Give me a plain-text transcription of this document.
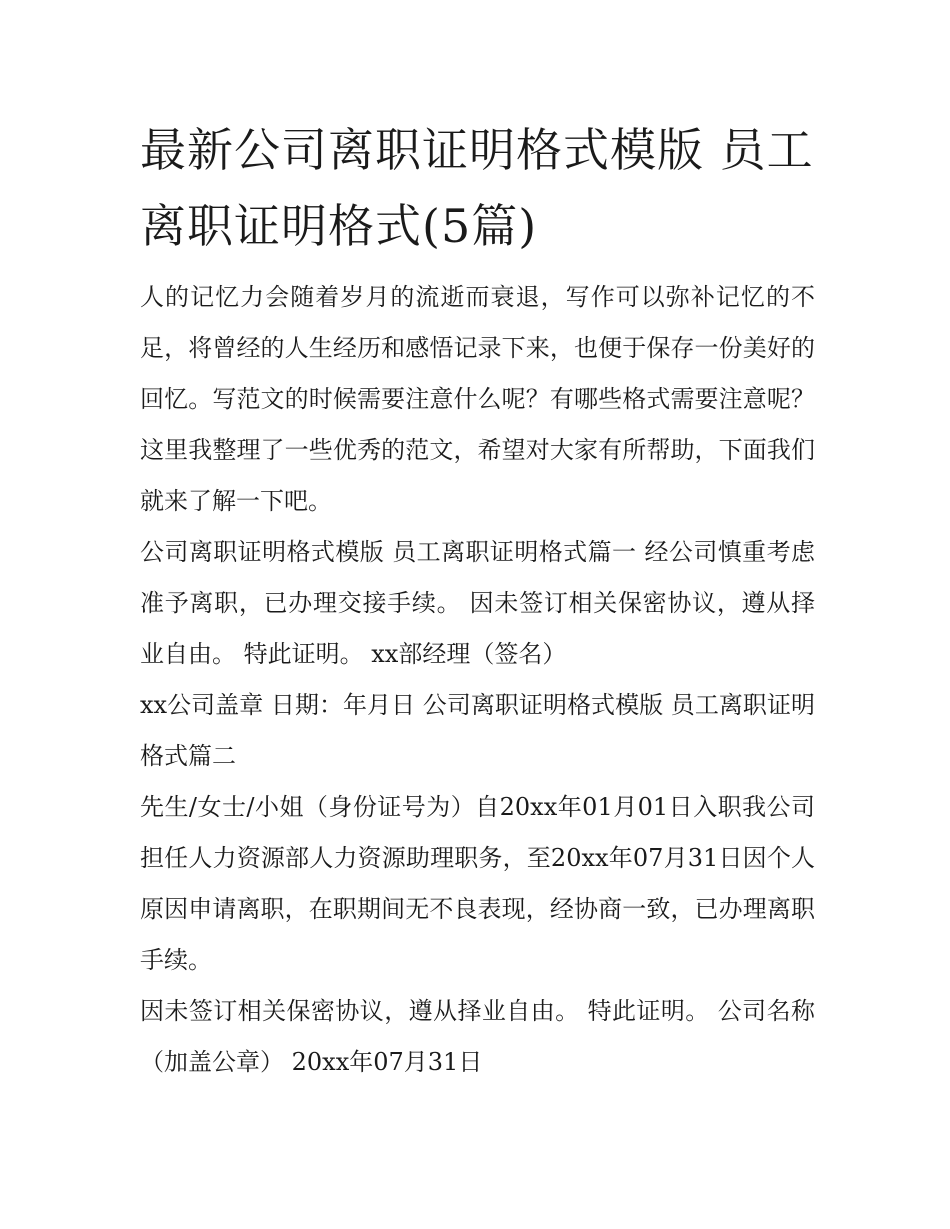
最新公司离职证明格式模版 员工离职证明格式(5篇)

人的记忆力会随着岁月的流逝而衰退，写作可以弥补记忆的不足，将曾经的人生经历和感悟记录下来，也便于保存一份美好的回忆。写范文的时候需要注意什么呢？有哪些格式需要注意呢？这里我整理了一些优秀的范文，希望对大家有所帮助，下面我们就来了解一下吧。

公司离职证明格式模版 员工离职证明格式篇一 经公司慎重考虑准予离职，已办理交接手续。 因未签订相关保密协议，遵从择业自由。 特此证明。 xx部经理（签名）

xx公司盖章 日期：年月日 公司离职证明格式模版 员工离职证明格式篇二

先生/女士/小姐（身份证号为）自20xx年01月01日入职我公司担任人力资源部人力资源助理职务，至20xx年07月31日因个人原因申请离职，在职期间无不良表现，经协商一致，已办理离职手续。

因未签订相关保密协议，遵从择业自由。 特此证明。 公司名称（加盖公章） 20xx年07月31日
